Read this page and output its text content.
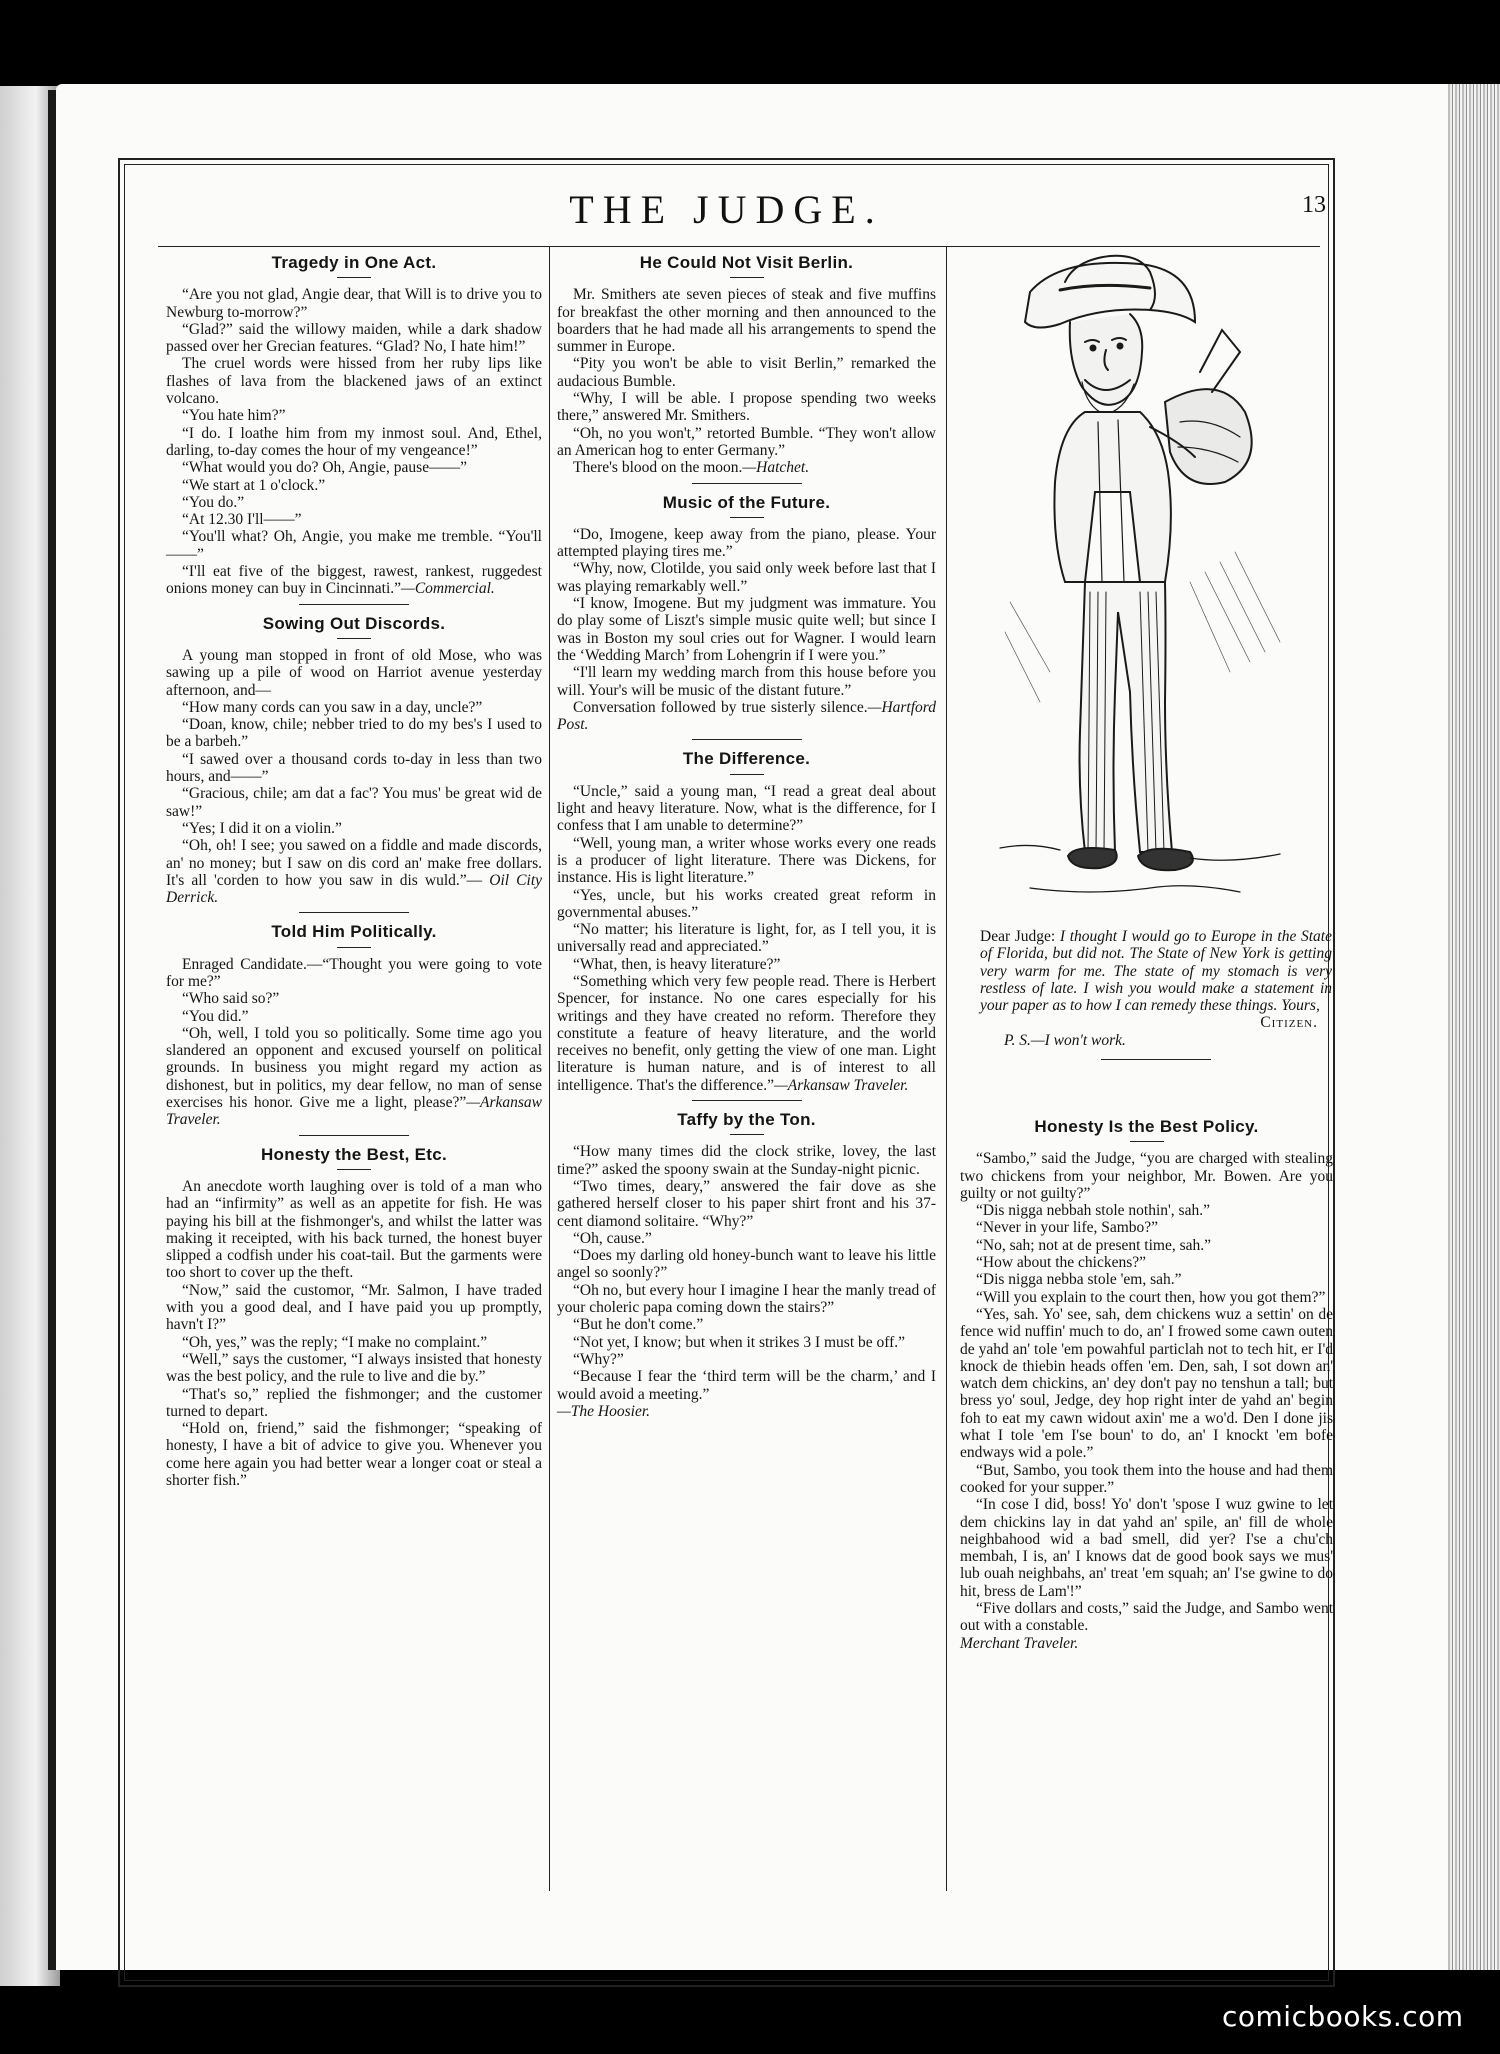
THE JUDGE.	13
Tragedy in One Act.

“Are you not glad, Angie dear, that Will is to drive you to Newburg to-morrow?”

“Glad?” said the willowy maiden, while a dark shadow passed over her Grecian features. “Glad? No, I hate him!”

The cruel words were hissed from her ruby lips like flashes of lava from the blackened jaws of an extinct volcano.

“You hate him?”

“I do. I loathe him from my inmost soul. And, Ethel, darling, to-day comes the hour of my vengeance!”

“What would you do? Oh, Angie, pause——”

“We start at 1 o'clock.”

“You do.”

“At 12.30 I'll——”

“You'll what? Oh, Angie, you make me tremble. “You'll——”

“I'll eat five of the biggest, rawest, rankest, ruggedest onions money can buy in Cincinnati.”—Commercial.

Sowing Out Discords.

A young man stopped in front of old Mose, who was sawing up a pile of wood on Harriot avenue yesterday afternoon, and—

“How many cords can you saw in a day, uncle?”

“Doan, know, chile; nebber tried to do my bes's I used to be a barbeh.”

“I sawed over a thousand cords to-day in less than two hours, and——”

“Gracious, chile; am dat a fac'? You mus' be great wid de saw!”

“Yes; I did it on a violin.”

“Oh, oh! I see; you sawed on a fiddle and made discords, an' no money; but I saw on dis cord an' make free dollars. It's all 'corden to how you saw in dis wuld.”— Oil City Derrick.

Told Him Politically.

Enraged Candidate.—“Thought you were going to vote for me?”

“Who said so?”

“You did.”

“Oh, well, I told you so politically. Some time ago you slandered an opponent and excused yourself on political grounds. In business you might regard my action as dishonest, but in politics, my dear fellow, no man of sense exercises his honor. Give me a light, please?”—Arkansaw Traveler.

Honesty the Best, Etc.

An anecdote worth laughing over is told of a man who had an “infirmity” as well as an appetite for fish. He was paying his bill at the fishmonger's, and whilst the latter was making it receipted, with his back turned, the honest buyer slipped a codfish under his coat-tail. But the garments were too short to cover up the theft.

“Now,” said the customor, “Mr. Salmon, I have traded with you a good deal, and I have paid you up promptly, havn't I?”

“Oh, yes,” was the reply; “I make no complaint.”

“Well,” says the customer, “I always insisted that honesty was the best policy, and the rule to live and die by.”

“That's so,” replied the fishmonger; and the customer turned to depart.

“Hold on, friend,” said the fishmonger; “speaking of honesty, I have a bit of advice to give you. Whenever you come here again you had better wear a longer coat or steal a shorter fish.”

He Could Not Visit Berlin.

Mr. Smithers ate seven pieces of steak and five muffins for breakfast the other morning and then announced to the boarders that he had made all his arrangements to spend the summer in Europe.

“Pity you won't be able to visit Berlin,” remarked the audacious Bumble.

“Why, I will be able. I propose spending two weeks there,” answered Mr. Smithers.

“Oh, no you won't,” retorted Bumble. “They won't allow an American hog to enter Germany.”

There's blood on the moon.—Hatchet.

Music of the Future.

“Do, Imogene, keep away from the piano, please. Your attempted playing tires me.”

“Why, now, Clotilde, you said only week before last that I was playing remarkably well.”

“I know, Imogene. But my judgment was immature. You do play some of Liszt's simple music quite well; but since I was in Boston my soul cries out for Wagner. I would learn the ‘Wedding March’ from Lohengrin if I were you.”

“I'll learn my wedding march from this house before you will. Your's will be music of the distant future.”

Conversation followed by true sisterly silence.—Hartford Post.

The Difference.

“Uncle,” said a young man, “I read a great deal about light and heavy literature. Now, what is the difference, for I confess that I am unable to determine?”

“Well, young man, a writer whose works every one reads is a producer of light literature. There was Dickens, for instance. His is light literature.”

“Yes, uncle, but his works created great reform in governmental abuses.”

“No matter; his literature is light, for, as I tell you, it is universally read and appreciated.”

“What, then, is heavy literature?”

“Something which very few people read. There is Herbert Spencer, for instance. No one cares especially for his writings and they have created no reform. Therefore they constitute a feature of heavy literature, and the world receives no benefit, only getting the view of one man. Light literature is human nature, and is of interest to all intelligence. That's the difference.”—Arkansaw Traveler.

Taffy by the Ton.

“How many times did the clock strike, lovey, the last time?” asked the spoony swain at the Sunday-night picnic.

“Two times, deary,” answered the fair dove as she gathered herself closer to his paper shirt front and his 37-cent diamond solitaire. “Why?”

“Oh, cause.”

“Does my darling old honey-bunch want to leave his little angel so soonly?”

“Oh no, but every hour I imagine I hear the manly tread of your choleric papa coming down the stairs?”

“But he don't come.”

“Not yet, I know; but when it strikes 3 I must be off.”

“Why?”

“Because I fear the ‘third term will be the charm,’ and I would avoid a meeting.”

—The Hoosier.

Dear Judge: I thought I would go to Europe in the State of Florida, but did not. The State of New York is getting very warm for me. The state of my stomach is very restless of late. I wish you would make a statement in your paper as to how I can remedy these things. Yours,

Citizen.

P. S.—I won't work.

Honesty Is the Best Policy.

“Sambo,” said the Judge, “you are charged with stealing two chickens from your neighbor, Mr. Bowen. Are you guilty or not guilty?”

“Dis nigga nebbah stole nothin', sah.”

“Never in your life, Sambo?”

“No, sah; not at de present time, sah.”

“How about the chickens?”

“Dis nigga nebba stole 'em, sah.”

“Will you explain to the court then, how you got them?”

“Yes, sah. Yo' see, sah, dem chickens wuz a settin' on de fence wid nuffin' much to do, an' I frowed some cawn outen de yahd an' tole 'em powahful particlah not to tech hit, er I'd knock de thiebin heads offen 'em. Den, sah, I sot down an' watch dem chickins, an' dey don't pay no tenshun a tall; but bress yo' soul, Jedge, dey hop right inter de yahd an' begin foh to eat my cawn widout axin' me a wo'd. Den I done jis what I tole 'em I'se boun' to do, an' I knockt 'em bofe endways wid a pole.”

“But, Sambo, you took them into the house and had them cooked for your supper.”

“In cose I did, boss! Yo' don't 'spose I wuz gwine to let dem chickins lay in dat yahd an' spile, an' fill de whole neighbahood wid a bad smell, did yer? I'se a chu'ch membah, I is, an' I knows dat de good book says we mus' lub ouah neighbahs, an' treat 'em squah; an' I'se gwine to do hit, bress de Lam'!”

“Five dollars and costs,” said the Judge, and Sambo went out with a constable.

Merchant Traveler.

comicbooks.com
